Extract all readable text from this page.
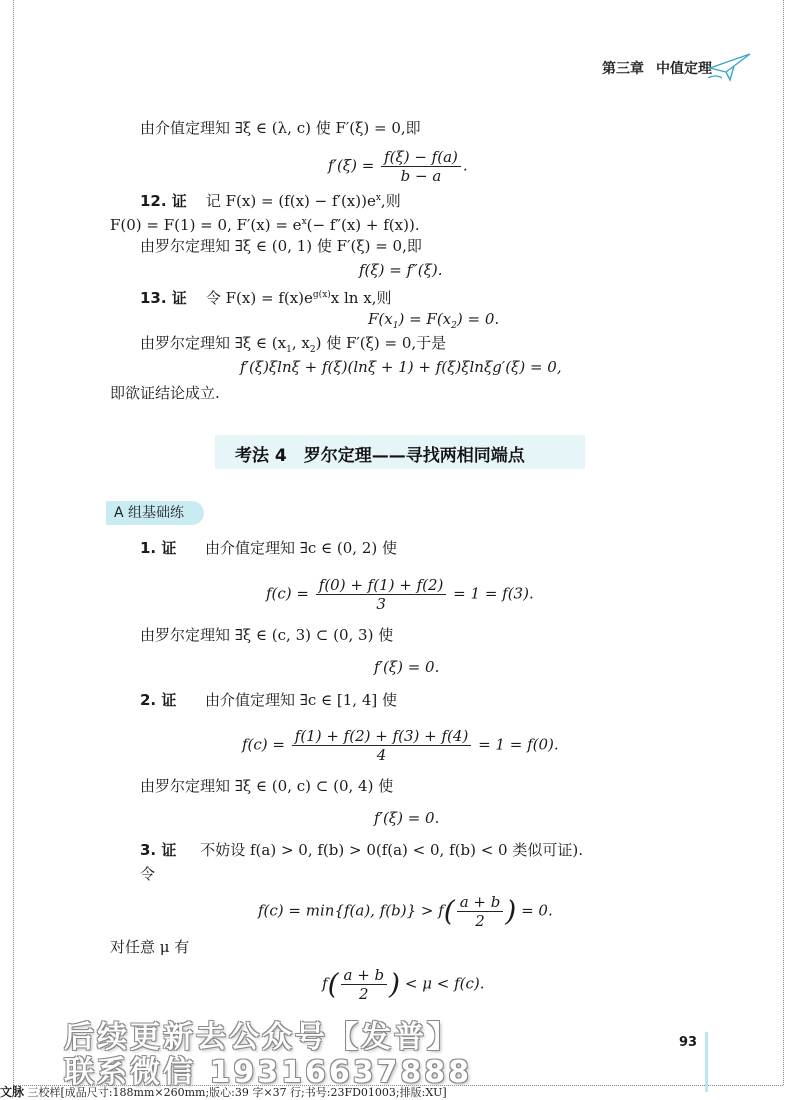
第三章 中值定理
由介值定理知 ∃ξ ∈ (λ, c) 使 F′(ξ) = 0,即
$f'(\xi) = \frac{f(\xi) - f(a)}{b - a}$ .
12. 证 记 $F(x) = (f(x) - f'(x))e^x$,则
F(0) = F(1) = 0, $F'(x) = e^x(- f''(x) + f(x))$.
由罗尔定理知 ∃ξ ∈ (0, 1) 使 F′(ξ) = 0,即
f(ξ) = f″(ξ).
13. 证 令 $F(x) = f(x)e^{g(x)}x$ ln x,则
$F(x_1) = F(x_2) = 0$.
由罗尔定理知 ∃ξ ∈ ($x_1$, $x_2$) 使 F′(ξ) = 0,于是
f′(ξ)ξlnξ + f(ξ)(lnξ + 1) + f(ξ)ξlnξg′(ξ) = 0,
即欲证结论成立.
考法 4　罗尔定理——寻找两相同端点
A 组基础练
1. 证 由介值定理知 ∃c ∈ (0, 2) 使
$f(c) = \frac{f(0) + f(1) + f(2)}{3} = 1 = f(3)$.
由罗尔定理知 ∃ξ ∈ (c, 3) ⊂ (0, 3) 使
f′(ξ) = 0.
2. 证 由介值定理知 ∃c ∈ [1, 4] 使
$f(c) = \frac{f(1) + f(2) + f(3) + f(4)}{4} = 1 = f(0)$.
由罗尔定理知 ∃ξ ∈ (0, c) ⊂ (0, 4) 使
f′(ξ) = 0.
3. 证 不妨设 f(a) > 0, f(b) > 0(f(a) < 0, f(b) < 0 类似可证).
令
f(c) = min{f(a), $f(b)\} > f( \frac{a + b}{2}$ ) = 0.
对任意 μ 有
$f( \frac{a + b}{2}$ ) < μ < f(c).
后续更新去公众号【发普】
联系微信 19316637888
93
文脉 三校样[成品尺寸:188mm×260mm;版心:39 字×37 行;书号:23FD01003;排版:XU]
